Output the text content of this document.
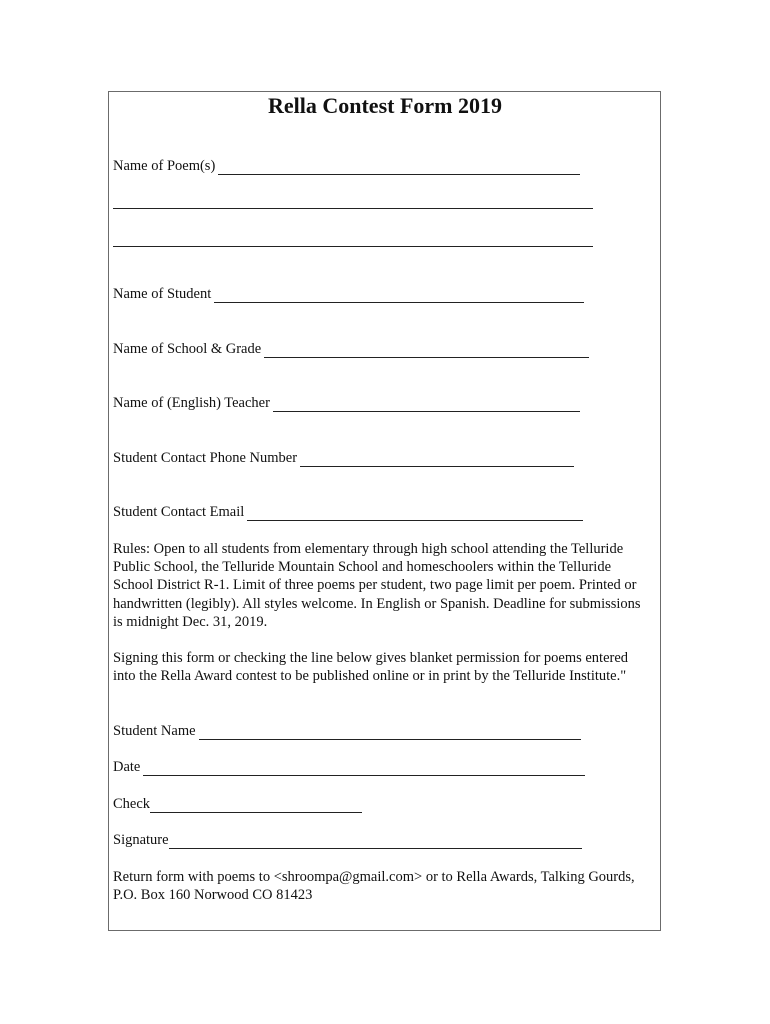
Rella Contest Form 2019
Name of Poem(s)
Name of Student
Name of School & Grade
Name of (English) Teacher
Student Contact Phone Number
Student Contact Email

Rules: Open to all students from elementary through high school attending the Telluride Public School, the Telluride Mountain School and homeschoolers within the Telluride School District R-1. Limit of three poems per student, two page limit per poem. Printed or handwritten (legibly). All styles welcome. In English or Spanish. Deadline for submissions is midnight Dec. 31, 2019.

Signing this form or checking the line below gives blanket permission for poems entered into the Rella Award contest to be published online or in print by the Telluride Institute."

Student Name
Date
Check
Signature

Return form with poems to <shroompa@gmail.com> or to Rella Awards, Talking Gourds, P.O. Box 160 Norwood CO 81423
